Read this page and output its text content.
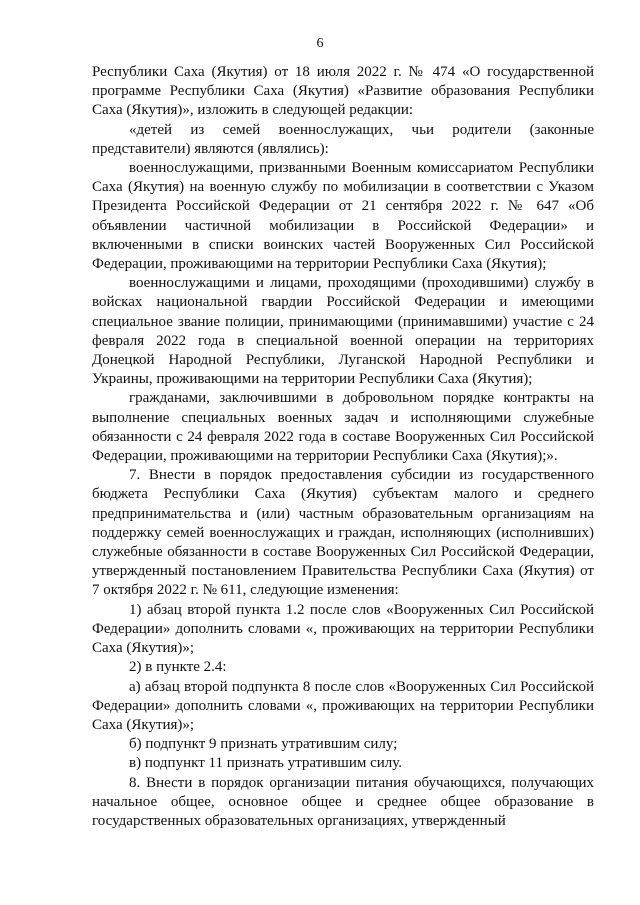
6

Республики Саха (Якутия) от 18 июля 2022 г. № 474 «О государственной программе Республики Саха (Якутия) «Развитие образования Республики Саха (Якутия)», изложить в следующей редакции:

«детей из семей военнослужащих, чьи родители (законные представители) являются (являлись):

военнослужащими, призванными Военным комиссариатом Республики Саха (Якутия) на военную службу по мобилизации в соответствии с Указом Президента Российской Федерации от 21 сентября 2022 г. № 647 «Об объявлении частичной мобилизации в Российской Федерации» и включенными в списки воинских частей Вооруженных Сил Российской Федерации, проживающими на территории Республики Саха (Якутия);

военнослужащими и лицами, проходящими (проходившими) службу в войсках национальной гвардии Российской Федерации и имеющими специальное звание полиции, принимающими (принимавшими) участие с 24 февраля 2022 года в специальной военной операции на территориях Донецкой Народной Республики, Луганской Народной Республики и Украины, проживающими на территории Республики Саха (Якутия);

гражданами, заключившими в добровольном порядке контракты на выполнение специальных военных задач и исполняющими служебные обязанности с 24 февраля 2022 года в составе Вооруженных Сил Российской Федерации, проживающими на территории Республики Саха (Якутия);».

7. Внести в порядок предоставления субсидии из государственного бюджета Республики Саха (Якутия) субъектам малого и среднего предпринимательства и (или) частным образовательным организациям на поддержку семей военнослужащих и граждан, исполняющих (исполнивших) служебные обязанности в составе Вооруженных Сил Российской Федерации, утвержденный постановлением Правительства Республики Саха (Якутия) от 7 октября 2022 г. № 611, следующие изменения:

1) абзац второй пункта 1.2 после слов «Вооруженных Сил Российской Федерации» дополнить словами «, проживающих на территории Республики Саха (Якутия)»;

2) в пункте 2.4:

а) абзац второй подпункта 8 после слов «Вооруженных Сил Российской Федерации» дополнить словами «, проживающих на территории Республики Саха (Якутия)»;

б) подпункт 9 признать утратившим силу;

в) подпункт 11 признать утратившим силу.

8. Внести в порядок организации питания обучающихся, получающих начальное общее, основное общее и среднее общее образование в государственных образовательных организациях, утвержденный
